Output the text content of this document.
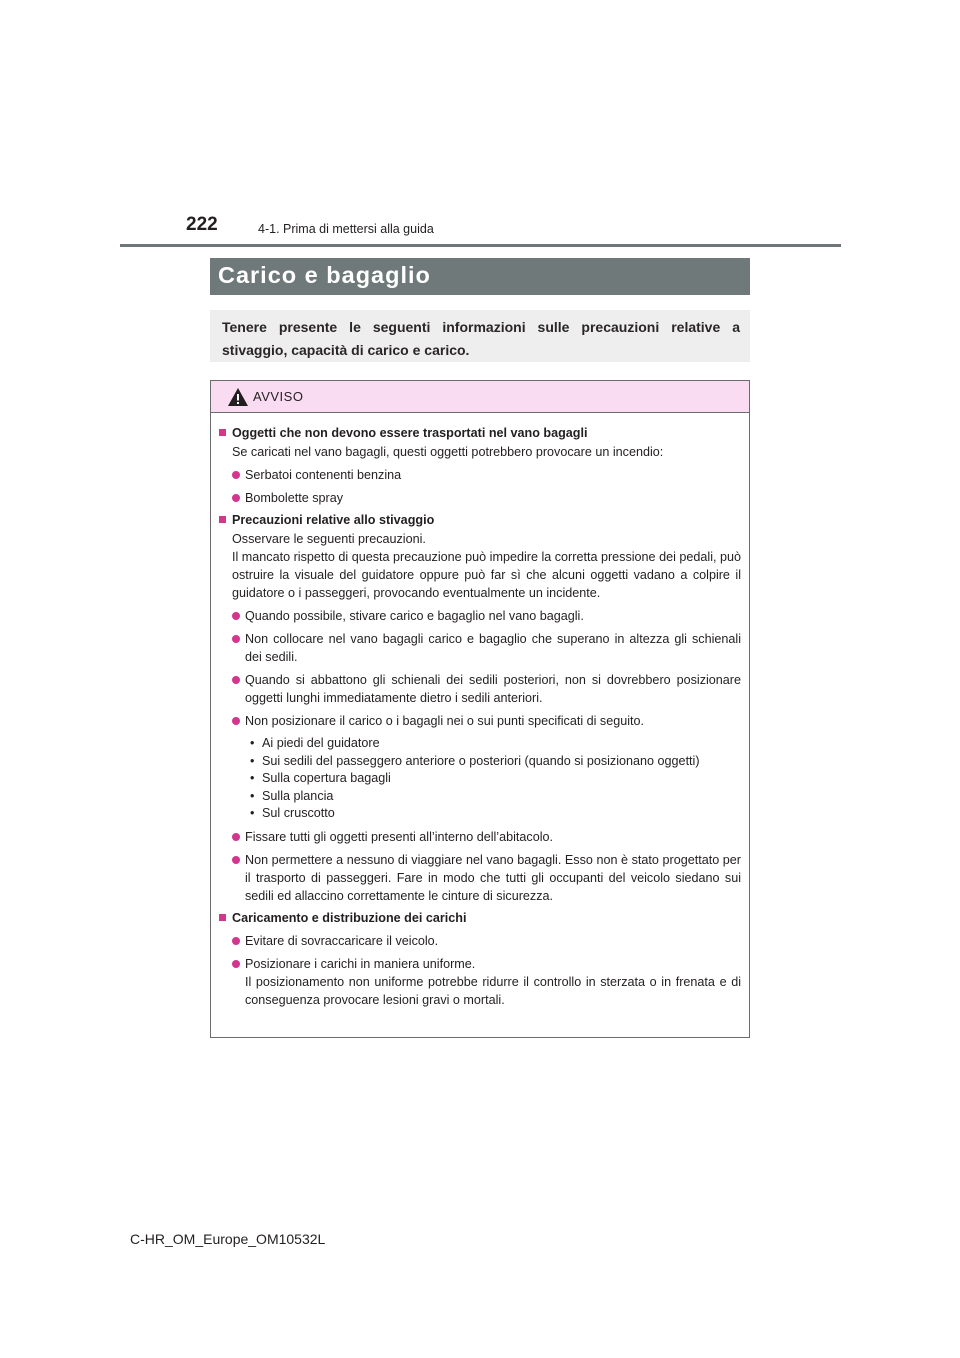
222	4-1. Prima di mettersi alla guida
Carico e bagaglio

Tenere presente le seguenti informazioni sulle precauzioni relative a stivaggio, capacità di carico e carico.

AVVISO
Oggetti che non devono essere trasportati nel vano bagagli
Se caricati nel vano bagagli, questi oggetti potrebbero provocare un incendio:
Serbatoi contenenti benzina
Bombolette spray
Precauzioni relative allo stivaggio
Osservare le seguenti precauzioni.
Il mancato rispetto di questa precauzione può impedire la corretta pressione dei pedali, può ostruire la visuale del guidatore oppure può far sì che alcuni oggetti vadano a colpire il guidatore o i passeggeri, provocando eventualmente un incidente.
Quando possibile, stivare carico e bagaglio nel vano bagagli.
Non collocare nel vano bagagli carico e bagaglio che superano in altezza gli schienali dei sedili.
Quando si abbattono gli schienali dei sedili posteriori, non si dovrebbero posizionare oggetti lunghi immediatamente dietro i sedili anteriori.
Non posizionare il carico o i bagagli nei o sui punti specificati di seguito.
• Ai piedi del guidatore
• Sui sedili del passeggero anteriore o posteriori (quando si posizionano oggetti)
• Sulla copertura bagagli
• Sulla plancia
• Sul cruscotto
Fissare tutti gli oggetti presenti all’interno dell’abitacolo.
Non permettere a nessuno di viaggiare nel vano bagagli. Esso non è stato progettato per il trasporto di passeggeri. Fare in modo che tutti gli occupanti del veicolo siedano sui sedili ed allaccino correttamente le cinture di sicurezza.
Caricamento e distribuzione dei carichi
Evitare di sovraccaricare il veicolo.
Posizionare i carichi in maniera uniforme.
Il posizionamento non uniforme potrebbe ridurre il controllo in sterzata o in frenata e di conseguenza provocare lesioni gravi o mortali.
C-HR_OM_Europe_OM10532L
